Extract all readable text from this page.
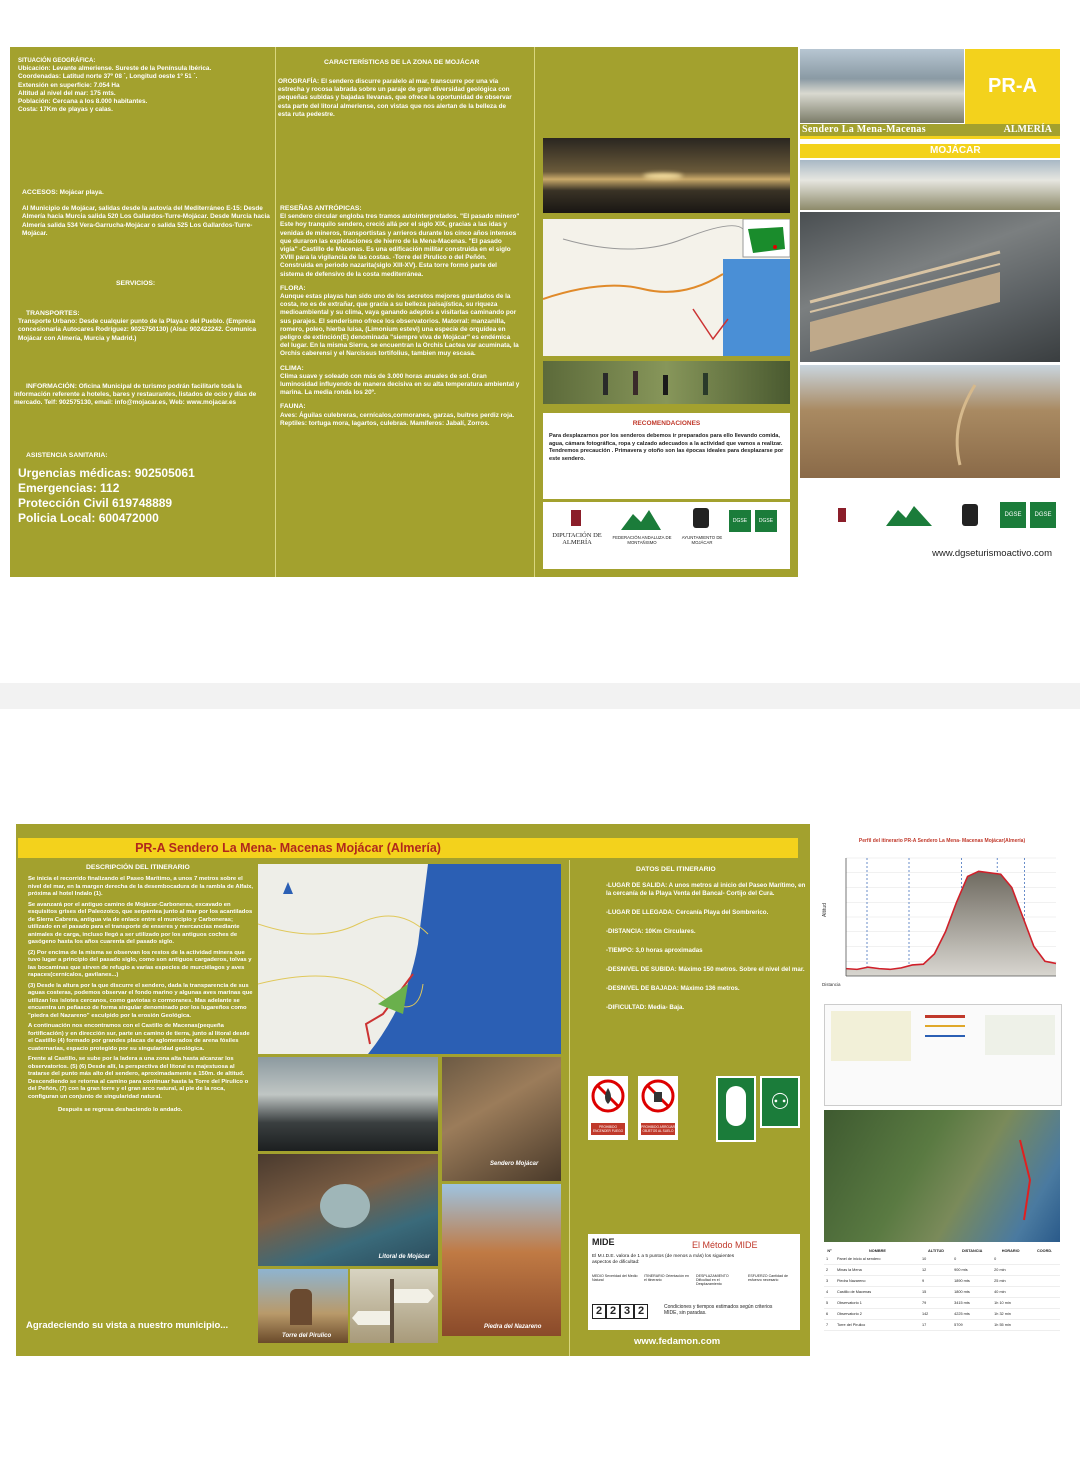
SITUACIÓN GEOGRÁFICA:
Ubicación: Levante almeriense. Sureste de la Península Ibérica.
Coordenadas: Latitud norte 37º 08 ´, Longitud oeste 1º 51 ´.
Extensión en superficie: 7.054 Ha
Altitud al nivel del mar: 175 mts.
Población: Cercana a los 8.000 habitantes.
Costa: 17Km de playas y calas.
ACCESOS: Mojácar playa.
Al Municipio de Mojácar, salidas desde la autovía del Mediterráneo E-15: Desde Almería hacia Murcia salida 520 Los Gallardos-Turre-Mojácar. Desde Murcia hacia Almería salida 534 Vera-Garrucha-Mojácar o salida 525 Los Gallardos-Turre-Mojácar.
SERVICIOS:
TRANSPORTES:
Transporte Urbano: Desde cualquier punto de la Playa o del Pueblo. (Empresa concesionaria Autocares Rodríguez: 9025750130) (Alsa: 902422242. Comunica Mojácar con Almería, Murcia y Madrid.)
INFORMACIÓN: Oficina Municipal de turismo podrán facilitarle toda la información referente a hoteles, bares y restaurantes, listados de ocio y días de mercado. Telf: 902575130, email: info@mojacar.es, Web: www.mojacar.es
ASISTENCIA SANITARIA:
Urgencias médicas: 902505061
Emergencias: 112
Protección Civil 619748889
Policia Local: 600472000
CARACTERÍSTICAS DE LA ZONA DE MOJÁCAR
OROGRAFÍA: El sendero discurre paralelo al mar, transcurre por una vía estrecha y rocosa labrada sobre un paraje de gran diversidad geológica con pequeñas subidas y bajadas llevanas, que ofrece la oportunidad de observar esta parte del litoral almeriense, con vistas que nos alertan de la belleza de esta ruta pedestre.
RESEÑAS ANTRÓPICAS:
El sendero circular engloba tres tramos autointerpretados. "El pasado minero" Este hoy tranquilo sendero, creció allá por el siglo XIX, gracias a las idas y venidas de mineros, transportistas y arrieros durante los cinco años intensos que duraron las explotaciones de hierro de la Mena-Macenas. "El pasado vigía" -Castillo de Macenas. Es una edificación militar construida en el siglo XVIII para la vigilancia de las costas. -Torre del Pirulico o del Peñón. Construida en periodo nazarita(siglo XIII-XV). Esta torre formó parte del sistema de defensivo de la costa mediterránea.
FLORA:
Aunque estas playas han sido uno de los secretos mejores guardados de la costa, no es de extrañar, que gracia a su belleza paisajística, su riqueza medioambiental y su clima, vaya ganando adeptos a visitarlas caminando por sus parajes. El senderismo ofrece los observatorios. Matorral: manzanilla, romero, poleo, hierba luisa, (Limonium estevi) una especie de orquídea en peligro de extinción(E) denominada "siempre viva de Mojácar" es endémica del lugar. En la misma Sierra, se encuentran la Orchis Lactea var acuminata, la Orchis caberensi y el Narcissus tortifolius, tambien muy escasa.
CLIMA:
Clima suave y soleado con más de 3.000 horas anuales de sol. Gran luminosidad influyendo de manera decisiva en su alta temperatura ambiental y marina. La media ronda los 20º.
FAUNA:
Aves: Águilas culebreras, cernícalos,cormoranes, garzas, buitres perdiz roja. Reptiles: tortuga mora, lagartos, culebras. Mamíferos: Jabalí, Zorros.	RECOMENDACIONES
Para desplazarnos por los senderos debemos ir preparados para ello llevando comida, agua, cámara fotográfica, ropa y calzado adecuados a la actividad que vamos a realizar. Tendremos precaución . Primavera y otoño son las épocas ideales para desplazarse por este sendero.
DIPUTACIÓN DE ALMERÍA
FEDERACIÓN ANDALUZA DE MONTAÑISMO
AYUNTAMIENTO DE MOJÁCAR
DGSE	DGSE
PR-A
Sendero La Mena-Macenas	ALMERÍA
MOJÁCAR
DGSE	DGSE
www.dgseturismoactivo.com
PR-A Sendero La Mena- Macenas Mojácar (Almería)
DESCRIPCIÓN DEL ITINERARIO

Se inicia el recorrido finalizando el Paseo Marítimo, a unos 7 metros sobre el nivel del mar, en la margen derecha de la desembocadura de la rambla de Alfaix, próxima al hotel Indalo (1).

Se avanzará por el antiguo camino de Mojácar-Carboneras, excavado en esquisitos grises del Paleozoico, que serpentea junto al mar por los acantilados de Sierra Cabrera, antigua vía de enlace entre el municipio y Carboneras; utilizado en el pasado para el transporte de enseres y mercancías mediante animales de carga, incluso llegó a ser utilizado por los antiguos coches de gasógeno hasta los años cuarenta del pasado siglo.

(2) Por encima de la misma se observan los restos de la actividad minera que tuvo lugar a principio del pasado siglo, como son antiguos cargaderos, tolvas y las bocaminas que sirven de refugio a varias especies de murciélagos y aves rapaces(cernícalos, gavilanes...)

(3) Desde la altura por la que discurre el sendero, dada la transparencia de sus aguas costeras, podemos observar el fondo marino y algunas aves marinas que utilizan los islotes cercanos, como gaviotas o cormoranes. Mas adelante se encuentra un peñasco de forma singular denominado por los lugareños como "piedra del Nazareno" esculpido por la erosión Geológica.

A continuación nos encontramos con el Castillo de Macenas(pequeña fortificación) y en dirección sur, parte un camino de tierra, junto al litoral desde el Castillo (4) formado por grandes placas de aglomerados de arena fósiles cuaternarias, espacio protegido por su singularidad geológica.

Frente al Castillo, se sube por la ladera a una zona alta hasta alcanzar los observatorios. (5) (6) Desde allí, la perspectiva del litoral es majestuosa al tratarse del punto más alto del sendero, aproximadamente a 150m. de altitud. Descendiendo se retorna al camino para continuar hasta la Torre del Pirulico o del Peñón, (7) con la gran torre y el gran arco natural, al pie de la roca, configuran un conjunto de singularidad natural.

Después se regresa deshaciendo lo andado.

Agradeciendo su vista a nuestro municipio...
Sendero Mojácar
Litoral de Mojácar
Piedra del Nazareno
Torre del Pirulico
DATOS DEL ITINERARIO
-LUGAR DE SALIDA: A unos metros al inicio del Paseo Marítimo, en la cercanía de la Playa Venta del Bancal- Cortijo del Cura.
-LUGAR DE LLEGADA: Cercanía Playa del Sombrerico.
-DISTANCIA: 10Km Circulares.
-TIEMPO: 3,0 horas aproximadas
-DESNIVEL DE SUBIDA: Máximo 150 metros. Sobre el nivel del mar.
-DESNIVEL DE BAJADA: Máximo 136 metros.
-DIFICULTAD: Media- Baja.
PROHIBIDO ENCENDER FUEGO
PROHIBIDO ARROJAR OBJETOS AL SUELO
⚇
MIDE	El Método MIDE
El M.I.D.E. valora de 1 a 5 puntos (de menos a más) los siguientes aspectos de dificultad:
MEDIO Severidad del Medio Natural
ITINERARIO Orientación en el itinerario
DESPLAZAMIENTO Dificultad en el Desplazamiento
ESFUERZO Cantidad de esfuerzo necesario
2 2 3 2	Condiciones y tiempos estimados según criterios MIDE, sin paradas.
www.fedamon.com
Perfil del itinerario PR-A Sendero La Mena- Macenas Mojácar(Almería)
Altitud
Distancia
Nº	NOMBRE	ALTITUD	DISTANCIA	HORARIO	COORD.
1	Panel de inicio al sendero	10	0	0	
2	Minas la Mena	12	900 mts	20 min	
3	Piedra Nazareno	9	1890 mts	25 min	
4	Castillo de Macenas	15	1800 mts	40 min	
5	Observatorio 1	79	3415 mts	1h 10 min	
6	Observatorio 2	142	4225 mts	1h 32 min	
7	Torre del Pirulico	17	5709	1h 55 min	
